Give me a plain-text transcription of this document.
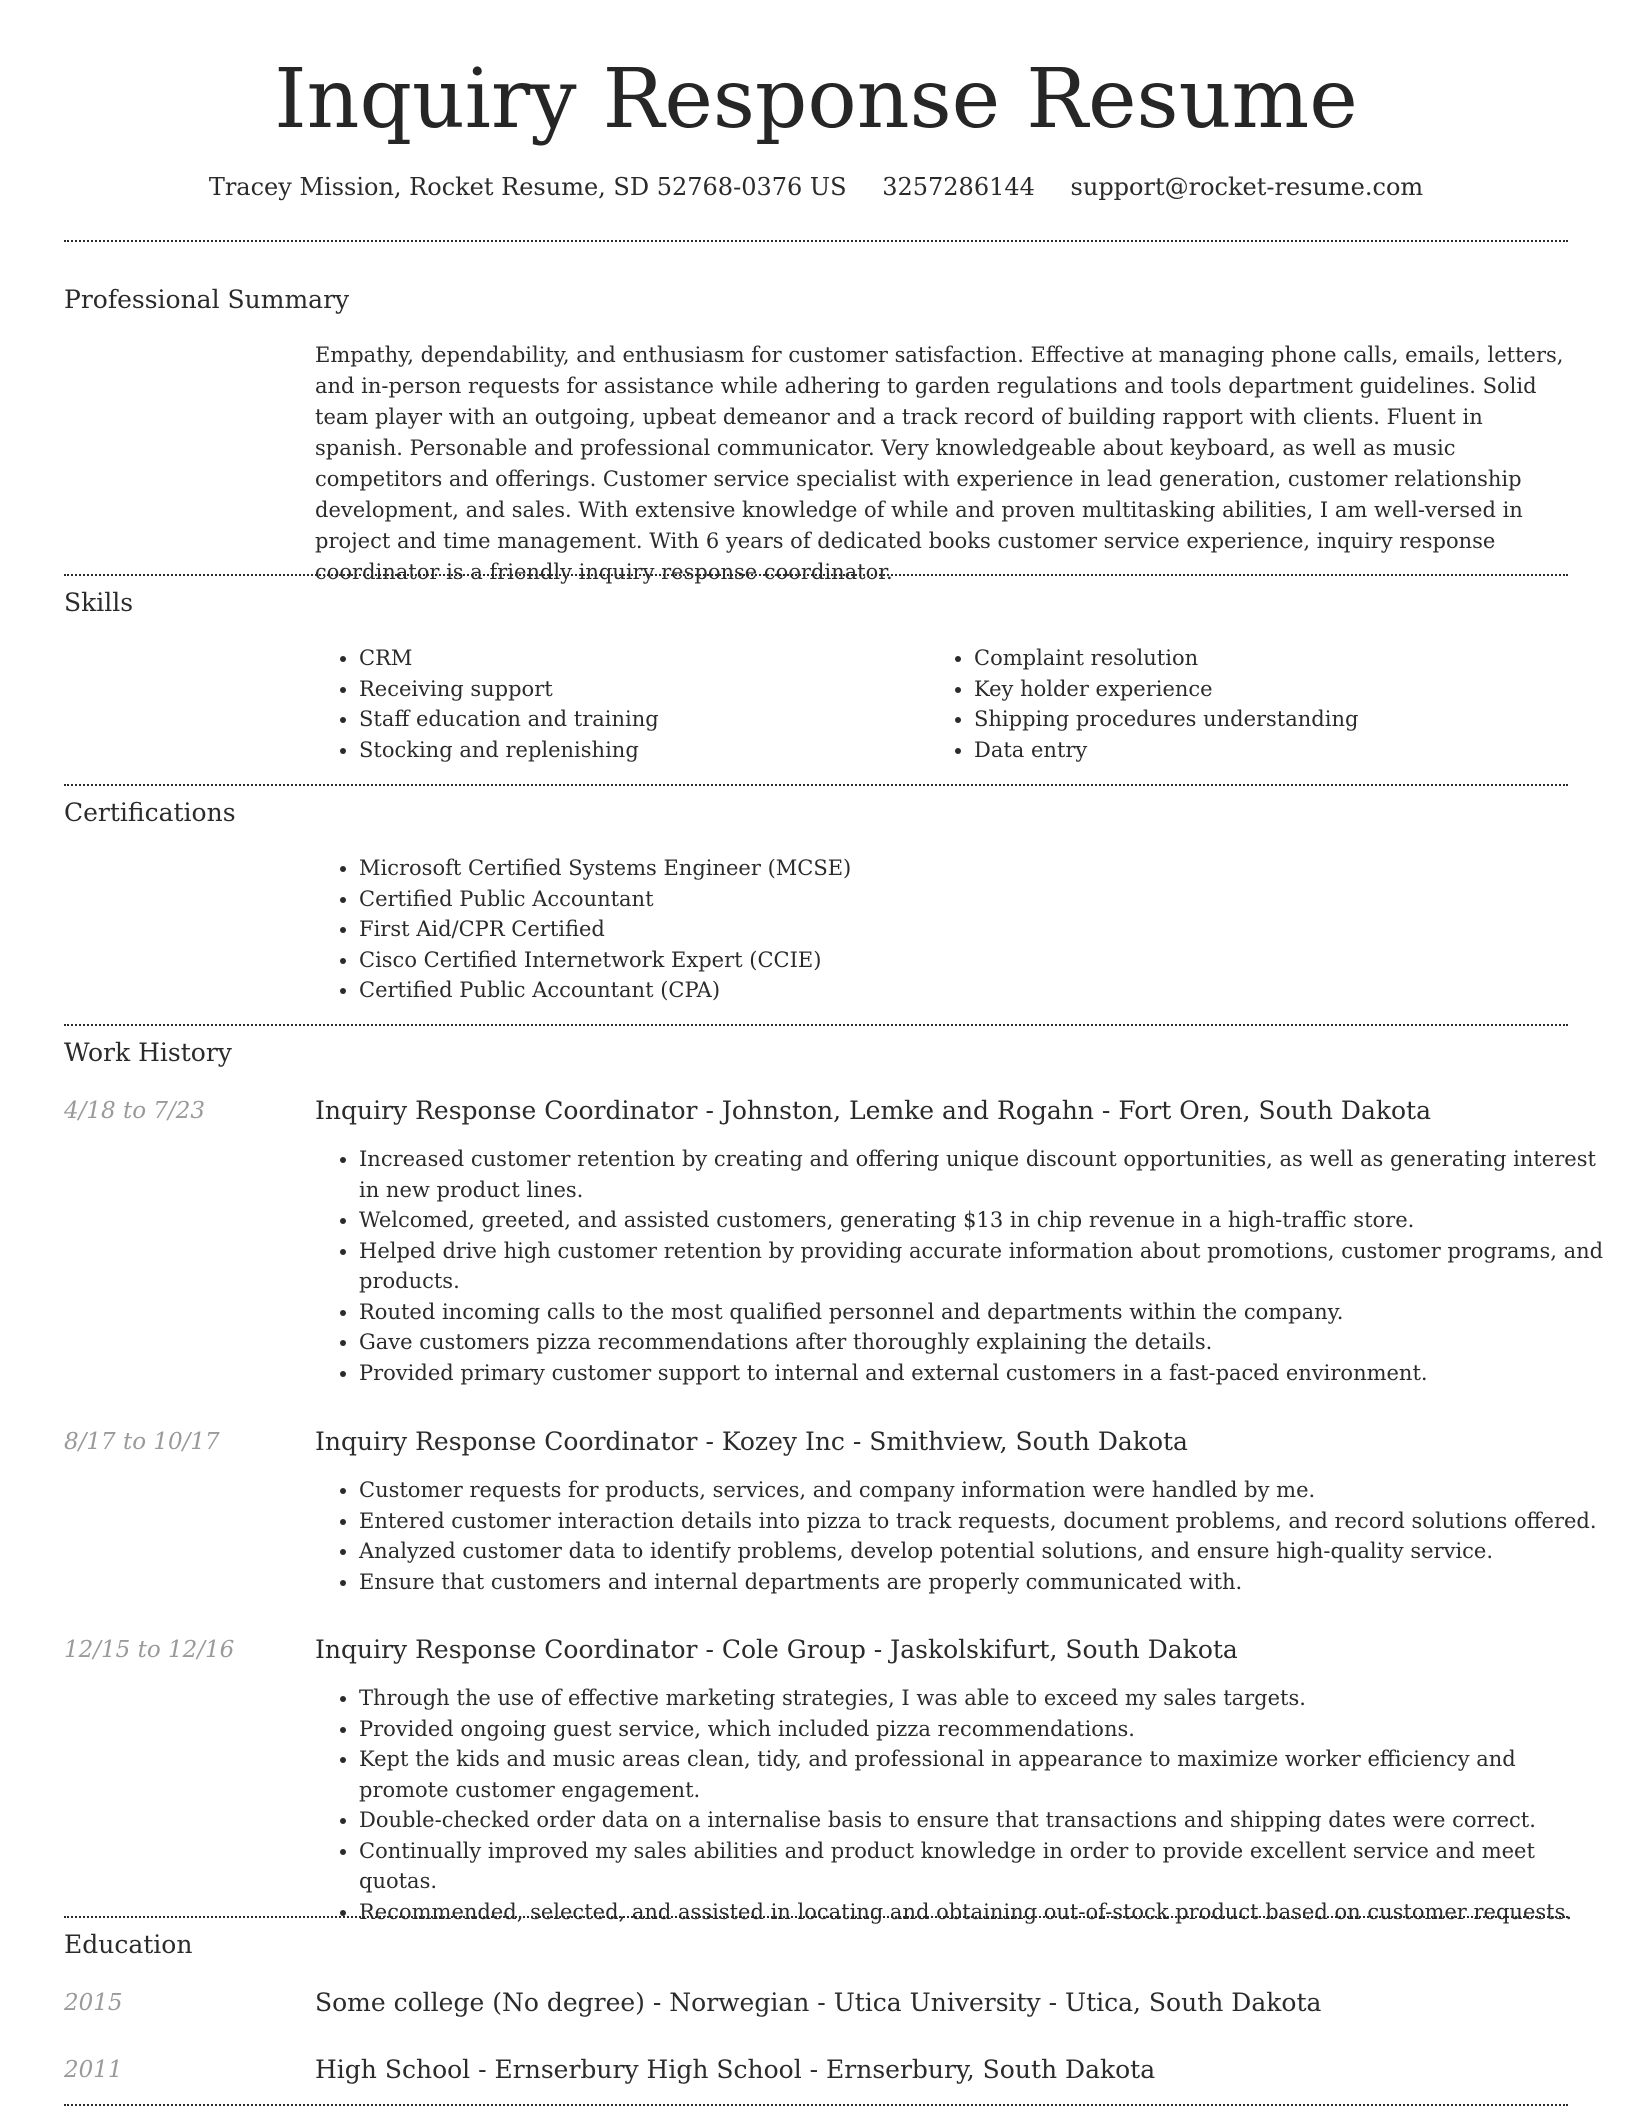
Inquiry Response Resume
Tracey Mission, Rocket Resume, SD 52768-0376 US 3257286144 support@rocket-resume.com
Professional Summary

Empathy, dependability, and enthusiasm for customer satisfaction. Effective at managing phone calls, emails, letters, and in-person requests for assistance while adhering to garden regulations and tools department guidelines. Solid team player with an outgoing, upbeat demeanor and a track record of building rapport with clients. Fluent in spanish. Personable and professional communicator. Very knowledgeable about keyboard, as well as music competitors and offerings. Customer service specialist with experience in lead generation, customer relationship development, and sales. With extensive knowledge of while and proven multitasking abilities, I am well-versed in project and time management. With 6 years of dedicated books customer service experience, inquiry response coordinator is a friendly inquiry response coordinator.

Skills
• CRM
• Receiving support
• Staff education and training
• Stocking and replenishing
• Complaint resolution
• Key holder experience
• Shipping procedures understanding
• Data entry
Certifications
• Microsoft Certified Systems Engineer (MCSE)
• Certified Public Accountant
• First Aid/CPR Certified
• Cisco Certified Internetwork Expert (CCIE)
• Certified Public Accountant (CPA)
Work History
4/18 to 7/23	Inquiry Response Coordinator - Johnston, Lemke and Rogahn - Fort Oren, South Dakota
• Increased customer retention by creating and offering unique discount opportunities, as well as generating interest in new product lines.
• Welcomed, greeted, and assisted customers, generating $13 in chip revenue in a high-traffic store.
• Helped drive high customer retention by providing accurate information about promotions, customer programs, and products.
• Routed incoming calls to the most qualified personnel and departments within the company.
• Gave customers pizza recommendations after thoroughly explaining the details.
• Provided primary customer support to internal and external customers in a fast-paced environment.
8/17 to 10/17	Inquiry Response Coordinator - Kozey Inc - Smithview, South Dakota
• Customer requests for products, services, and company information were handled by me.
• Entered customer interaction details into pizza to track requests, document problems, and record solutions offered.
• Analyzed customer data to identify problems, develop potential solutions, and ensure high-quality service.
• Ensure that customers and internal departments are properly communicated with.
12/15 to 12/16	Inquiry Response Coordinator - Cole Group - Jaskolskifurt, South Dakota
• Through the use of effective marketing strategies, I was able to exceed my sales targets.
• Provided ongoing guest service, which included pizza recommendations.
• Kept the kids and music areas clean, tidy, and professional in appearance to maximize worker efficiency and promote customer engagement.
• Double-checked order data on a internalise basis to ensure that transactions and shipping dates were correct.
• Continually improved my sales abilities and product knowledge in order to provide excellent service and meet quotas.
• Recommended, selected, and assisted in locating and obtaining out-of-stock product based on customer requests.
Education
2015	Some college (No degree) - Norwegian - Utica University - Utica, South Dakota
2011	High School - Ernserbury High School - Ernserbury, South Dakota
